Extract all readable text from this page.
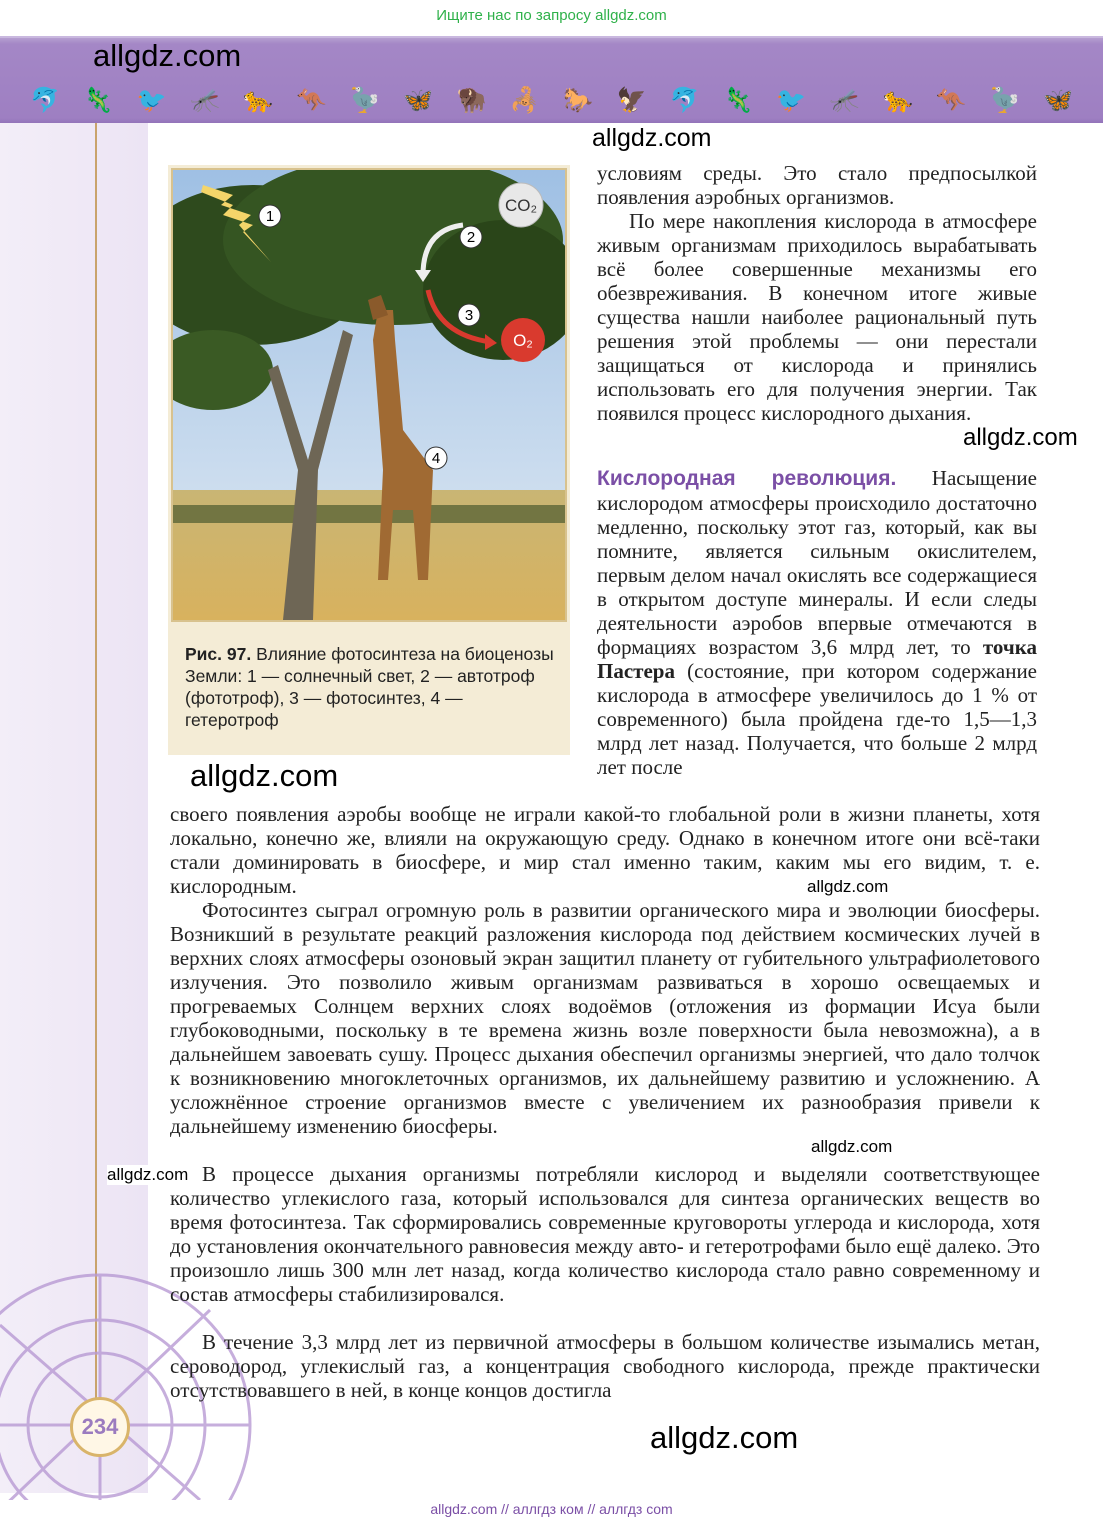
Ищите нас по запросу allgdz.com
🐬 🦎 🐦 🦟 🐆 🦘 🦤 🦋 🦬 🦂 🐎 🦅 🐬 🦎 🐦 🦟 🐆 🦘 🦤 🦋
allgdz.com
allgdz.com
CO₂
O₂
1
2
3
4
Рис. 97. Влияние фотосинтеза на биоценозы Земли: 1 — солнечный свет, 2 — автотроф (фототроф), 3 — фотосинтез, 4 — гетеротроф
allgdz.com
условиям среды. Это стало предпосылкой появления аэробных организмов.
По мере накопления кислорода в атмосфере живым организмам приходилось вырабатывать всё более совершенные механизмы его обезвреживания. В конечном итоге живые существа нашли наиболее рациональный путь решения этой проблемы — они перестали защищаться от кислорода и принялись использовать его для получения энергии. Так появился процесс кислородного дыхания.
allgdz.com
Кислородная революция. Насыщение кислородом атмосферы происходило достаточно медленно, поскольку этот газ, который, как вы помните, является сильным окислителем, первым делом начал окислять все содержащиеся в открытом доступе минералы. И если следы деятельности аэробов впервые отмечаются в формациях возрастом 3,6 млрд лет, то точка Пастера (состояние, при котором содержание кислорода в атмосфере увеличилось до 1 % от современного) была пройдена где-то 1,5—1,3 млрд лет назад. Получается, что больше 2 млрд лет после
своего появления аэробы вообще не играли какой-то глобальной роли в жизни планеты, хотя локально, конечно же, влияли на окружающую среду. Однако в конечном итоге они всё-таки стали доминировать в биосфере, и мир стал именно таким, каким мы его видим, т. е. кислородным.	allgdz.com
Фотосинтез сыграл огромную роль в развитии органического мира и эволюции биосферы. Возникший в результате реакций разложения кислорода под действием космических лучей в верхних слоях атмосферы озоновый экран защитил планету от губительного ультрафиолетового излучения. Это позволило живым организмам развиваться в хорошо освещаемых и прогреваемых Солнцем верхних слоях водоёмов (отложения из формации Исуа были глубоководными, поскольку в те времена жизнь возле поверхности была невозможна), а в дальнейшем завоевать сушу. Процесс дыхания обеспечил организмы энергией, что дало толчок к возникновению многоклеточных организмов, их дальнейшему развитию и усложнению. А усложнённое строение организмов вместе с увеличением их разнообразия привели к дальнейшему изменению биосферы.
allgdz.com
allgdz.com В процессе дыхания организмы потребляли кислород и выделяли соответствующее количество углекислого газа, который использовался для синтеза органических веществ во время фотосинтеза. Так сформировались современные круговороты углерода и кислорода, хотя до установления окончательного равновесия между авто- и гетеротрофами было ещё далеко. Это произошло лишь 300 млн лет назад, когда количество кислорода стало равно современному и состав атмосферы стабилизировался.
В течение 3,3 млрд лет из первичной атмосферы в большом количестве изымались метан, сероводород, углекислый газ, а концентрация свободного кислорода, прежде практически отсутствовавшего в ней, в конце концов достигла
234	allgdz.com
allgdz.com // аллгдз ком // аллгдз com
